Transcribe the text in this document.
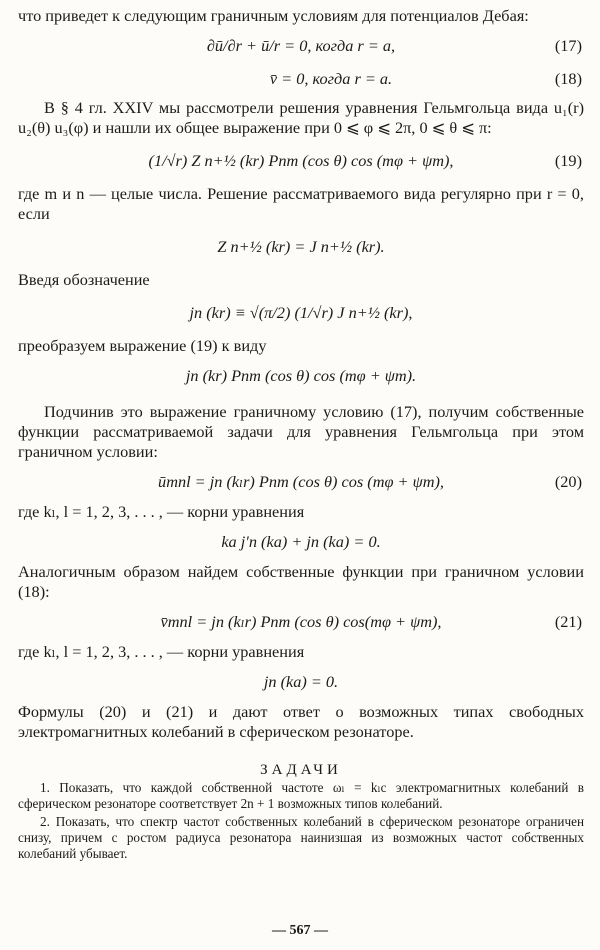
что приведет к следующим граничным условиям для потенциалов Дебая:

∂ū/∂r + ū/r = 0, когда r = a,	(17)
v̄ = 0, когда r = a.	(18)

В § 4 гл. XXIV мы рассмотрели решения уравнения Гельмгольца вида u₁(r) u₂(θ) u₃(φ) и нашли их общее выражение при 0 ⩽ φ ⩽ 2π, 0 ⩽ θ ⩽ π:

(1/√r) Z n+½ (kr) Pnm (cos θ) cos (mφ + ψm),	(19)

где m и n — целые числа. Решение рассматриваемого вида регулярно при r = 0, если

Z n+½ (kr) = J n+½ (kr).

Введя обозначение

jn (kr) ≡ √(π/2) (1/√r) J n+½ (kr),

преобразуем выражение (19) к виду

jn (kr) Pnm (cos θ) cos (mφ + ψm).

Подчинив это выражение граничному условию (17), получим собственные функции рассматриваемой задачи для уравнения Гельмгольца при этом граничном условии:

ūmnl = jn (kₗr) Pnm (cos θ) cos (mφ + ψm),	(20)

где kₗ, l = 1, 2, 3, . . . , — корни уравнения

ka j′n (ka) + jn (ka) = 0.

Аналогичным образом найдем собственные функции при граничном условии (18):

v̄mnl = jn (kₗr) Pnm (cos θ) cos(mφ + ψm),	(21)

где kₗ, l = 1, 2, 3, . . . , — корни уравнения

jn (ka) = 0.

Формулы (20) и (21) и дают ответ о возможных типах свободных электромагнитных колебаний в сферическом резонаторе.

ЗАДАЧИ

1. Показать, что каждой собственной частоте ωₗ = kₗc электромагнитных колебаний в сферическом резонаторе соответствует 2n + 1 возможных типов колебаний.

2. Показать, что спектр частот собственных колебаний в сферическом резонаторе ограничен снизу, причем с ростом радиуса резонатора наинизшая из возможных частот собственных колебаний убывает.

— 567 —
